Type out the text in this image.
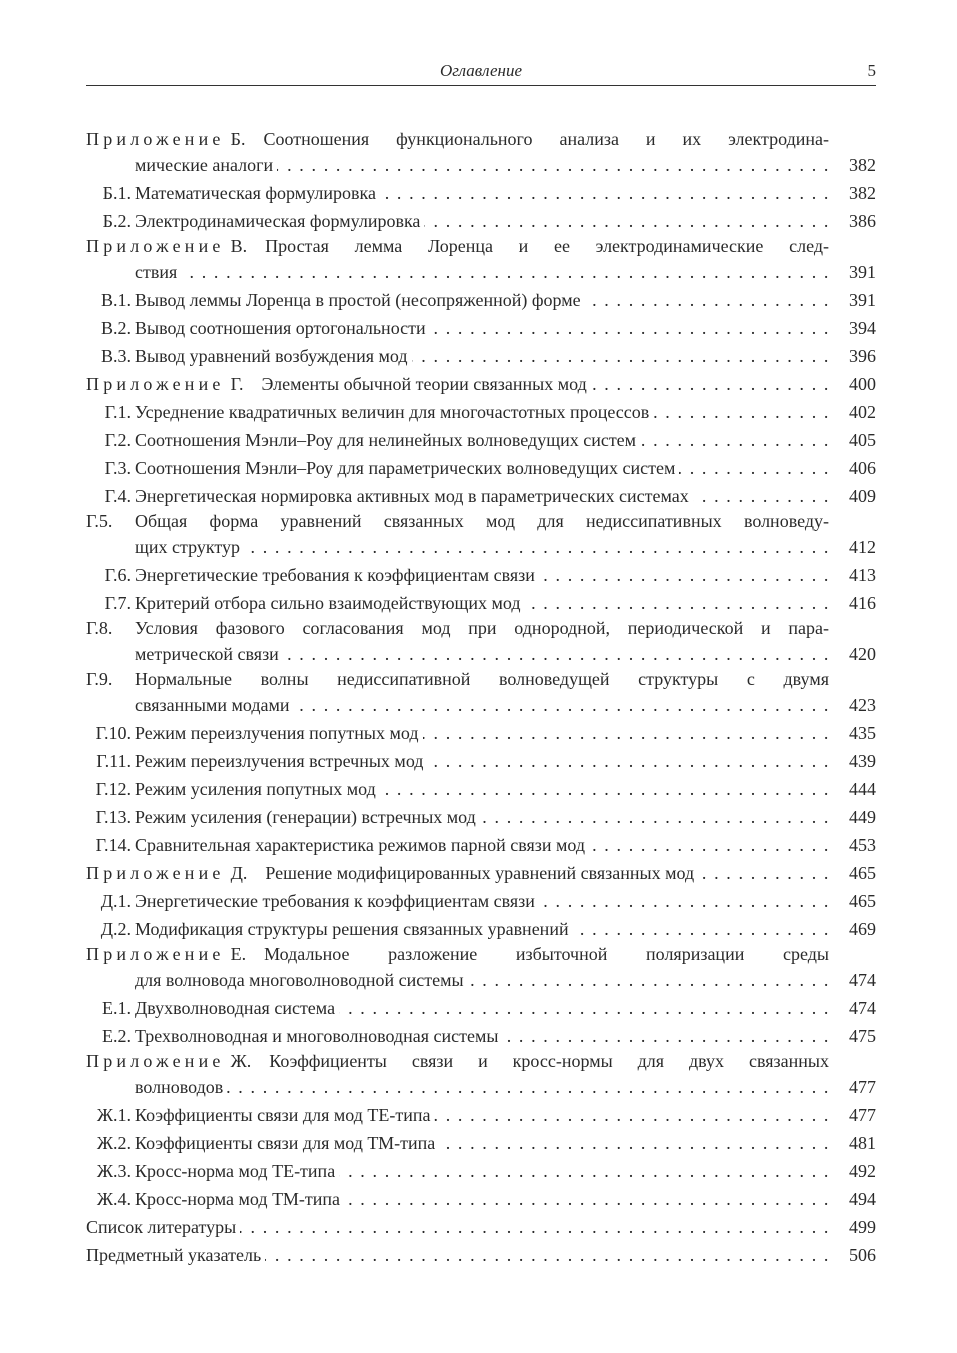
Оглавление	5
Приложение Б. Соотношения функционального анализа и их электродина-
мические аналоги . . .	382
Б.1. Математическая формулировка . . .	382
Б.2. Электродинамическая формулировка . . .	386
Приложение В. Простая лемма Лоренца и ее электродинамические след-
ствия . . .	391
В.1. Вывод леммы Лоренца в простой (несопряженной) форме . . .	391
В.2. Вывод соотношения ортогональности . . .	394
В.3. Вывод уравнений возбуждения мод . . .	396
Приложение Г. Элементы обычной теории связанных мод . . .	400
Г.1. Усреднение квадратичных величин для многочастотных процессов . . .	402
Г.2. Соотношения Мэнли–Роу для нелинейных волноведущих систем . . .	405
Г.3. Соотношения Мэнли–Роу для параметрических волноведущих систем . . .	406
Г.4. Энергетическая нормировка активных мод в параметрических системах . . .	409
Г.5. Общая форма уравнений связанных мод для недиссипативных волноведу-
щих структур . . .	412
Г.6. Энергетические требования к коэффициентам связи . . .	413
Г.7. Критерий отбора сильно взаимодействующих мод . . .	416
Г.8. Условия фазового согласования мод при однородной, периодической и пара-
метрической связи . . .	420
Г.9. Нормальные волны недиссипативной волноведущей структуры с двумя
связанными модами . . .	423
Г.10. Режим переизлучения попутных мод . . .	435
Г.11. Режим переизлучения встречных мод . . .	439
Г.12. Режим усиления попутных мод . . .	444
Г.13. Режим усиления (генерации) встречных мод . . .	449
Г.14. Сравнительная характеристика режимов парной связи мод . . .	453
Приложение Д. Решение модифицированных уравнений связанных мод . . .	465
Д.1. Энергетические требования к коэффициентам связи . . .	465
Д.2. Модификация структуры решения связанных уравнений . . .	469
Приложение Е. Модальное разложение избыточной поляризации среды
для волновода многоволноводной системы . . .	474
Е.1. Двухволноводная система . . .	474
Е.2. Трехволноводная и многоволноводная системы . . .	475
Приложение Ж. Коэффициенты связи и кросс-нормы для двух связанных
волноводов . . .	477
Ж.1. Коэффициенты связи для мод ТЕ-типа . . .	477
Ж.2. Коэффициенты связи для мод ТМ-типа . . .	481
Ж.3. Кросс-норма мод ТЕ-типа . . .	492
Ж.4. Кросс-норма мод ТМ-типа . . .	494
Список литературы . . .	499
Предметный указатель . . .	506
